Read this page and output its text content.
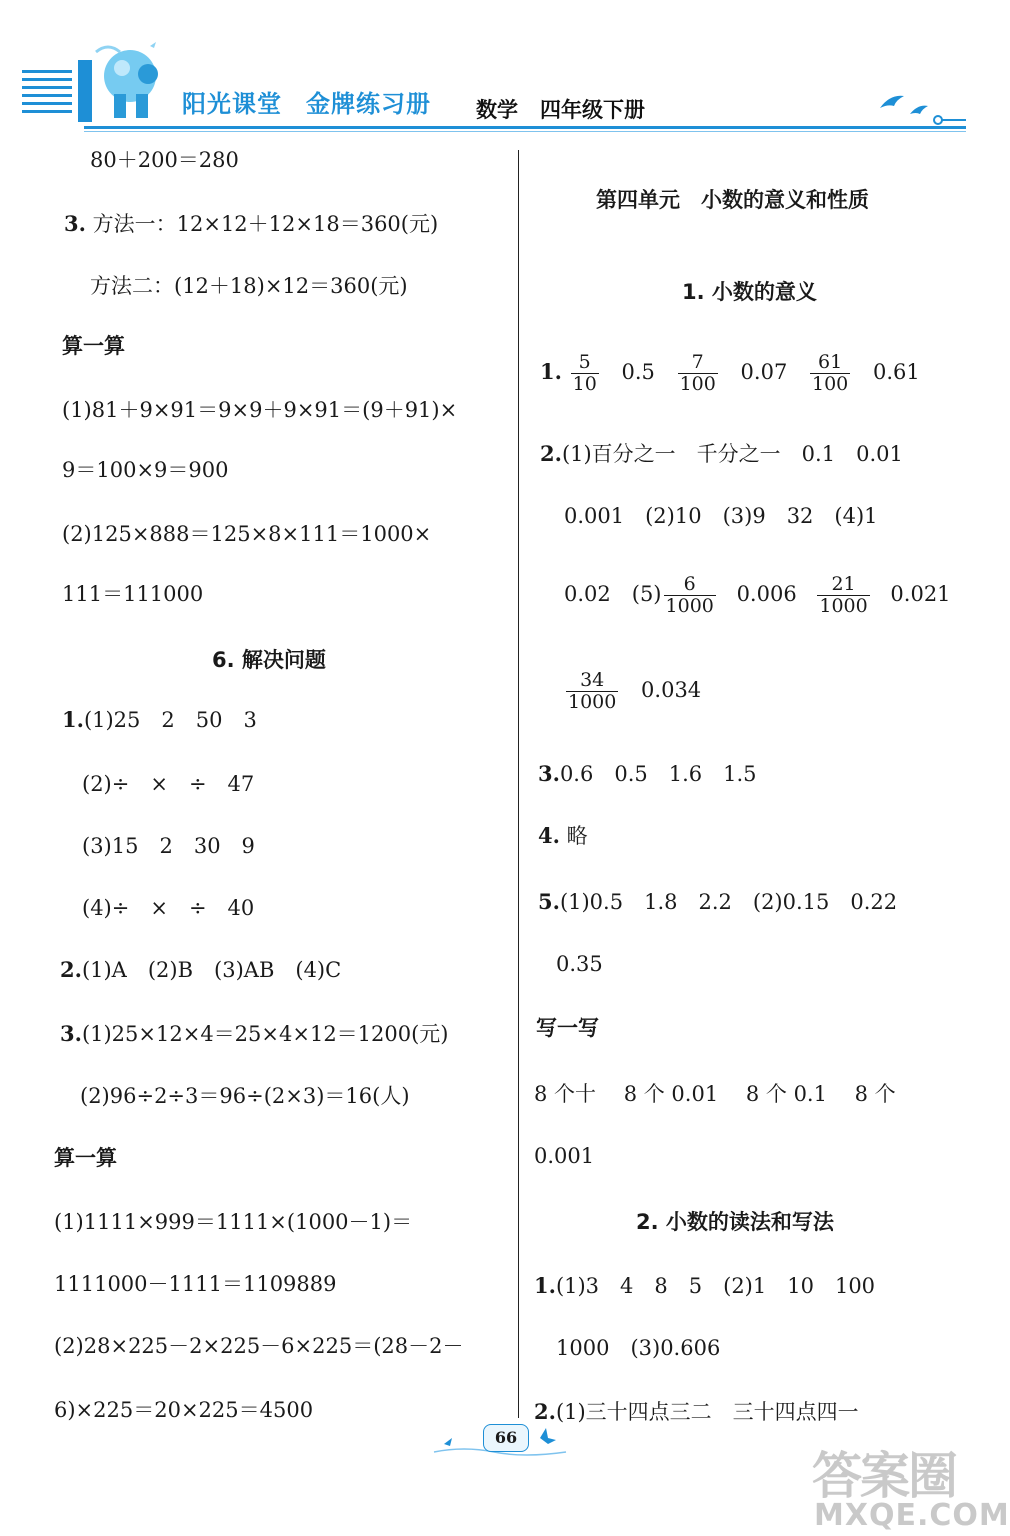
阳光课堂 金牌练习册 数学 四年级下册
80＋200＝280
3. 方法一：12×12＋12×18＝360(元)
方法二：(12＋18)×12＝360(元)
算一算
(1)81＋9×91＝9×9＋9×91＝(9＋91)×
9＝100×9＝900
(2)125×888＝125×8×111＝1000×
111＝111000
6. 解决问题
1.(1)25　2　50　3
(2)÷　×　÷　47
(3)15　2　30　9
(4)÷　×　÷　40
2.(1)A　(2)B　(3)AB　(4)C
3.(1)25×12×4＝25×4×12＝1200(元)
(2)96÷2÷3＝96÷(2×3)＝16(人)
算一算
(1)1111×999＝1111×(1000－1)＝
1111000－1111＝1109889
(2)28×225－2×225－6×225＝(28－2－
6)×225＝20×225＝4500
第四单元　小数的意义和性质
1. 小数的意义
1. $\frac{5}{10} 0.5 \frac{7}{100} 0.07 \frac{61}{100} 0.61$
2.(1)百分之一　千分之一　0.1　0.01
0.001　(2)10　(3)9　32　(4)1
0.02　$(5) \frac{6}{1000} 0.006 \frac{21}{1000} 0.021$
$\frac{34}{1000} 0.034$
3.0.6　0.5　1.6　1.5
4. 略
5.(1)0.5　1.8　2.2　(2)0.15　0.22
0.35
写一写
8 个十　 8 个 0.01　 8 个 0.1　 8 个
0.001
2. 小数的读法和写法
1.(1)3　4　8　5　(2)1　10　100
1000　(3)0.606
2.(1)三十四点三二　三十四点四一
66
答案圈
MXQE.COM
